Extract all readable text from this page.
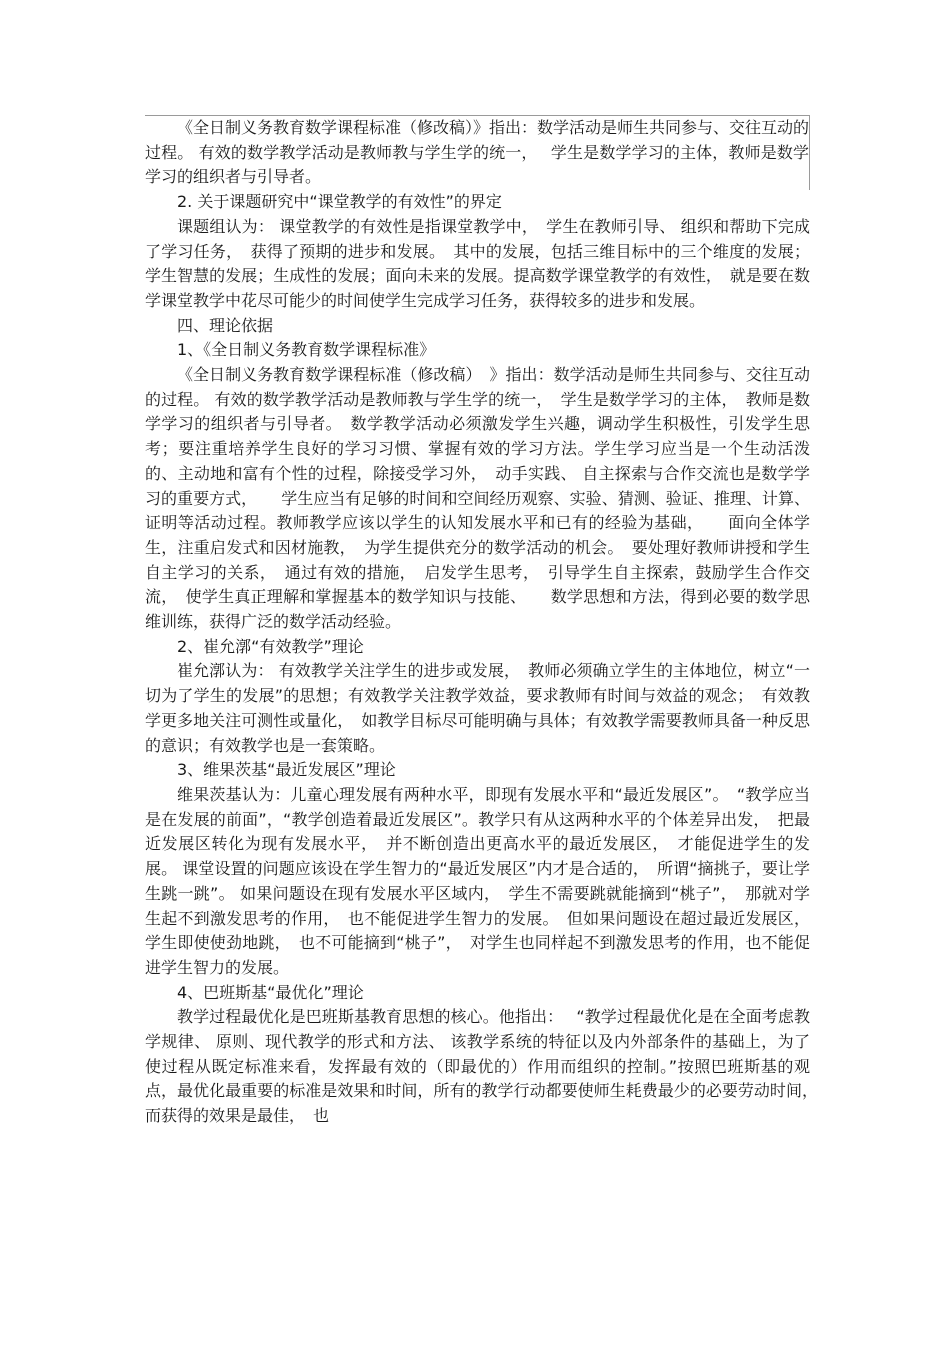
《全日制义务教育数学课程标准（修改稿）》指出：数学活动是师生共同参与、交往互动的过程。 有效的数学教学活动是教师教与学生学的统一，　 学生是数学学习的主体，教师是数学学习的组织者与引导者。

2. 关于课题研究中“课堂教学的有效性”的界定

课题组认为： 课堂教学的有效性是指课堂教学中，　学生在教师引导、 组织和帮助下完成了学习任务，　获得了预期的进步和发展。　其中的发展，包括三维目标中的三个维度的发展；学生智慧的发展；生成性的发展；面向未来的发展。提高数学课堂教学的有效性，　就是要在数学课堂教学中花尽可能少的时间使学生完成学习任务，获得较多的进步和发展。

四、理论依据
1、《全日制义务教育数学课程标准》

《全日制义务教育数学课程标准（修改稿）　》指出：数学活动是师生共同参与、交往互动的过程。 有效的数学教学活动是教师教与学生学的统一，　学生是数学学习的主体，　教师是数学学习的组织者与引导者。　数学教学活动必须激发学生兴趣，调动学生积极性，引发学生思考；要注重培养学生良好的学习习惯、掌握有效的学习方法。学生学习应当是一个生动活泼的、主动地和富有个性的过程，除接受学习外，　动手实践、 自主探索与合作交流也是数学学习的重要方式，　　学生应当有足够的时间和空间经历观察、实验、猜测、验证、推理、计算、证明等活动过程。教师教学应该以学生的认知发展水平和已有的经验为基础，　　面向全体学生，注重启发式和因材施教，　为学生提供充分的数学活动的机会。　要处理好教师讲授和学生自主学习的关系，　通过有效的措施，　启发学生思考，　引导学生自主探索，鼓励学生合作交流，　使学生真正理解和掌握基本的数学知识与技能、　　数学思想和方法，得到必要的数学思维训练，获得广泛的数学活动经验。

2、崔允漷“有效教学”理论

崔允漷认为： 有效教学关注学生的进步或发展，　教师必须确立学生的主体地位，树立“一切为了学生的发展”的思想；有效教学关注教学效益，要求教师有时间与效益的观念；　有效教学更多地关注可测性或量化，　如教学目标尽可能明确与具体；有效教学需要教师具备一种反思的意识；有效教学也是一套策略。

3、维果茨基“最近发展区”理论

维果茨基认为：儿童心理发展有两种水平，即现有发展水平和“最近发展区”。　“教学应当是在发展的前面”，“教学创造着最近发展区”。教学只有从这两种水平的个体差异出发，　把最近发展区转化为现有发展水平，　并不断创造出更高水平的最近发展区，　才能促进学生的发展。 课堂设置的问题应该设在学生智力的“最近发展区”内才是合适的，　所谓“摘挑子，要让学生跳一跳”。 如果问题设在现有发展水平区域内，　学生不需要跳就能摘到“桃子”，　那就对学生起不到激发思考的作用，　也不能促进学生智力的发展。　但如果问题设在超过最近发展区，学生即使使劲地跳，　也不可能摘到“桃子”，　对学生也同样起不到激发思考的作用，也不能促进学生智力的发展。

4、巴班斯基“最优化”理论

教学过程最优化是巴班斯基教育思想的核心。他指出：　 “教学过程最优化是在全面考虑教学规律、 原则、现代教学的形式和方法、 该教学系统的特征以及内外部条件的基础上，为了使过程从既定标准来看，发挥最有效的（即最优的）作用而组织的控制。”按照巴班斯基的观点，最优化最重要的标准是效果和时间，所有的教学行动都要使师生耗费最少的必要劳动时间，　　而获得的效果是最佳，　也
